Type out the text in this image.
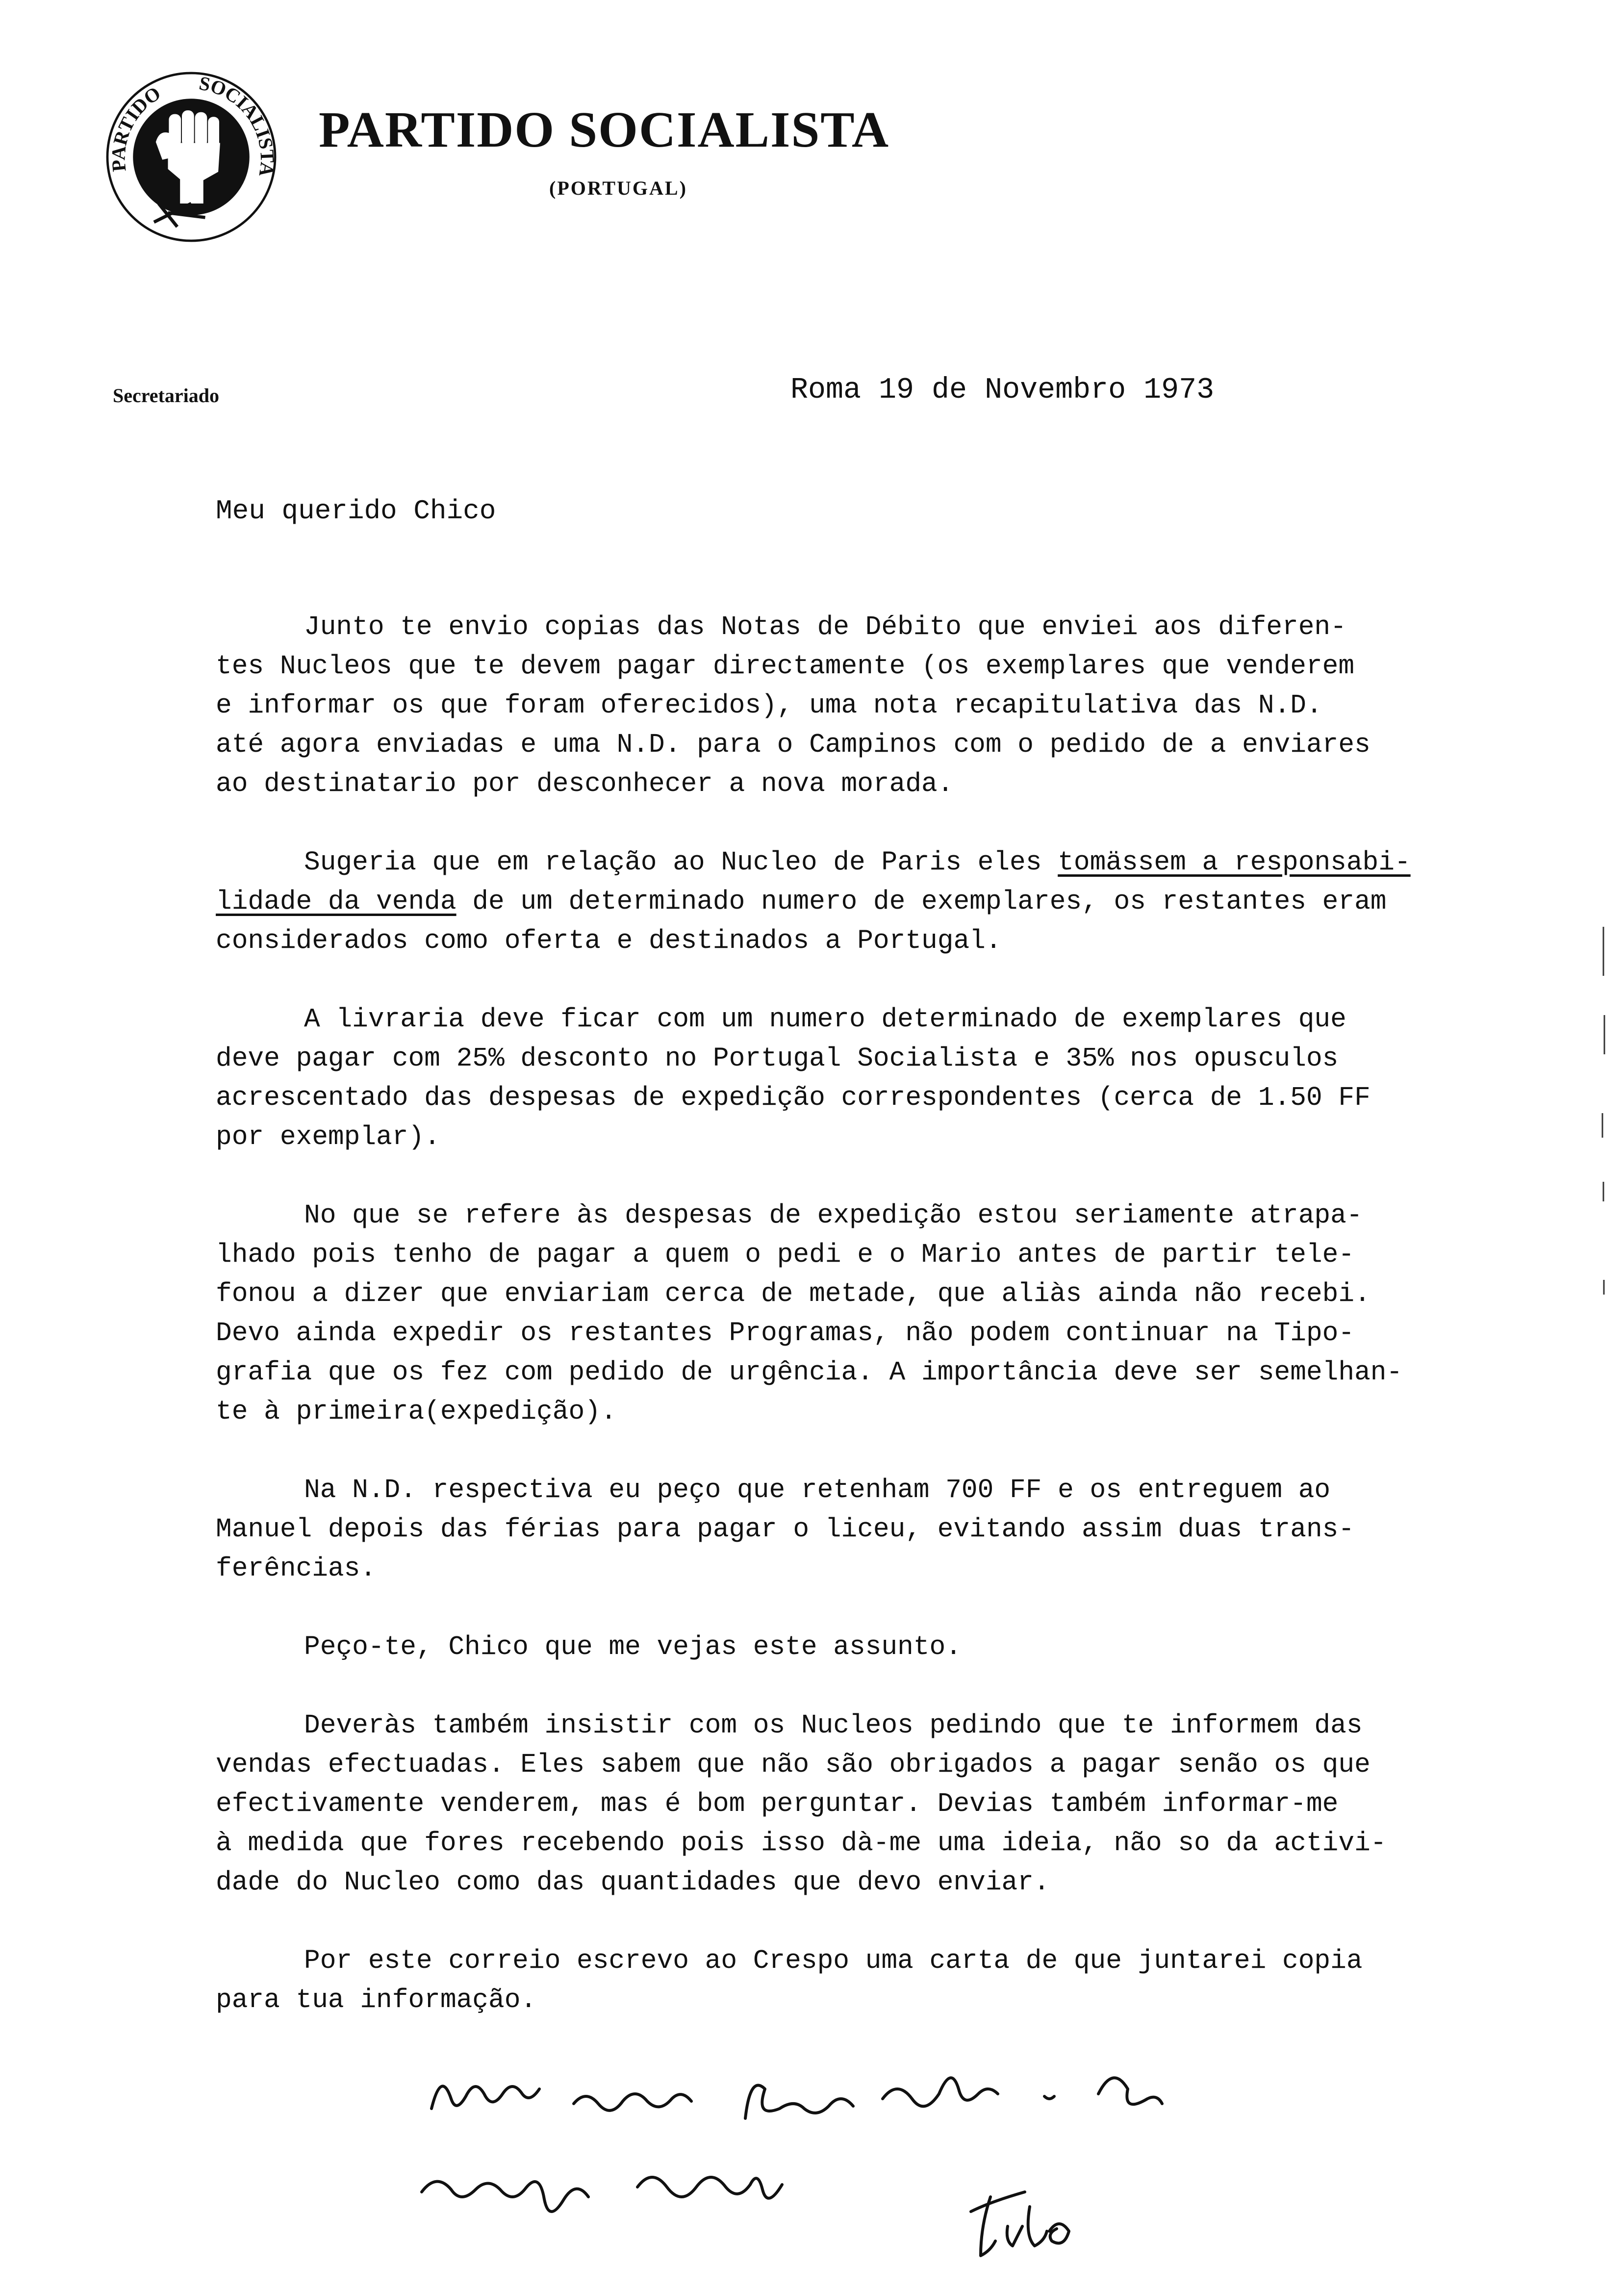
PARTIDO SOCIALISTA
PARTIDO SOCIALISTA
(PORTUGAL)
Secretariado	Roma 19 de Novembro 1973
Meu querido Chico

Junto te envio copias das Notas de Débito que enviei aos diferen-
tes Nucleos que te devem pagar directamente (os exemplares que venderem
e informar os que foram oferecidos), uma nota recapitulativa das N.D.
até agora enviadas e uma N.D. para o Campinos com o pedido de a enviares
ao destinatario por desconhecer a nova morada.

Sugeria que em relação ao Nucleo de Paris eles tomässem a responsabi-
lidade da venda de um determinado numero de exemplares, os restantes eram
considerados como oferta e destinados a Portugal.

A livraria deve ficar com um numero determinado de exemplares que
deve pagar com 25% desconto no Portugal Socialista e 35% nos opusculos
acrescentado das despesas de expedição correspondentes (cerca de 1.50 FF
por exemplar).

No que se refere às despesas de expedição estou seriamente atrapa-
lhado pois tenho de pagar a quem o pedi e o Mario antes de partir tele-
fonou a dizer que enviariam cerca de metade, que aliàs ainda não recebi.
Devo ainda expedir os restantes Programas, não podem continuar na Tipo-
grafia que os fez com pedido de urgência. A importância deve ser semelhan-
te à primeira(expedição).

Na N.D. respectiva eu peço que retenham 700 FF e os entreguem ao
Manuel depois das férias para pagar o liceu, evitando assim duas trans-
ferências.

Peço-te, Chico que me vejas este assunto.

Deveràs também insistir com os Nucleos pedindo que te informem das
vendas efectuadas. Eles sabem que não são obrigados a pagar senão os que
efectivamente venderem, mas é bom perguntar. Devias também informar-me
à medida que fores recebendo pois isso dà-me uma ideia, não so da activi-
dade do Nucleo como das quantidades que devo enviar.

Por este correio escrevo ao Crespo uma carta de que juntarei copia
para tua informação.
